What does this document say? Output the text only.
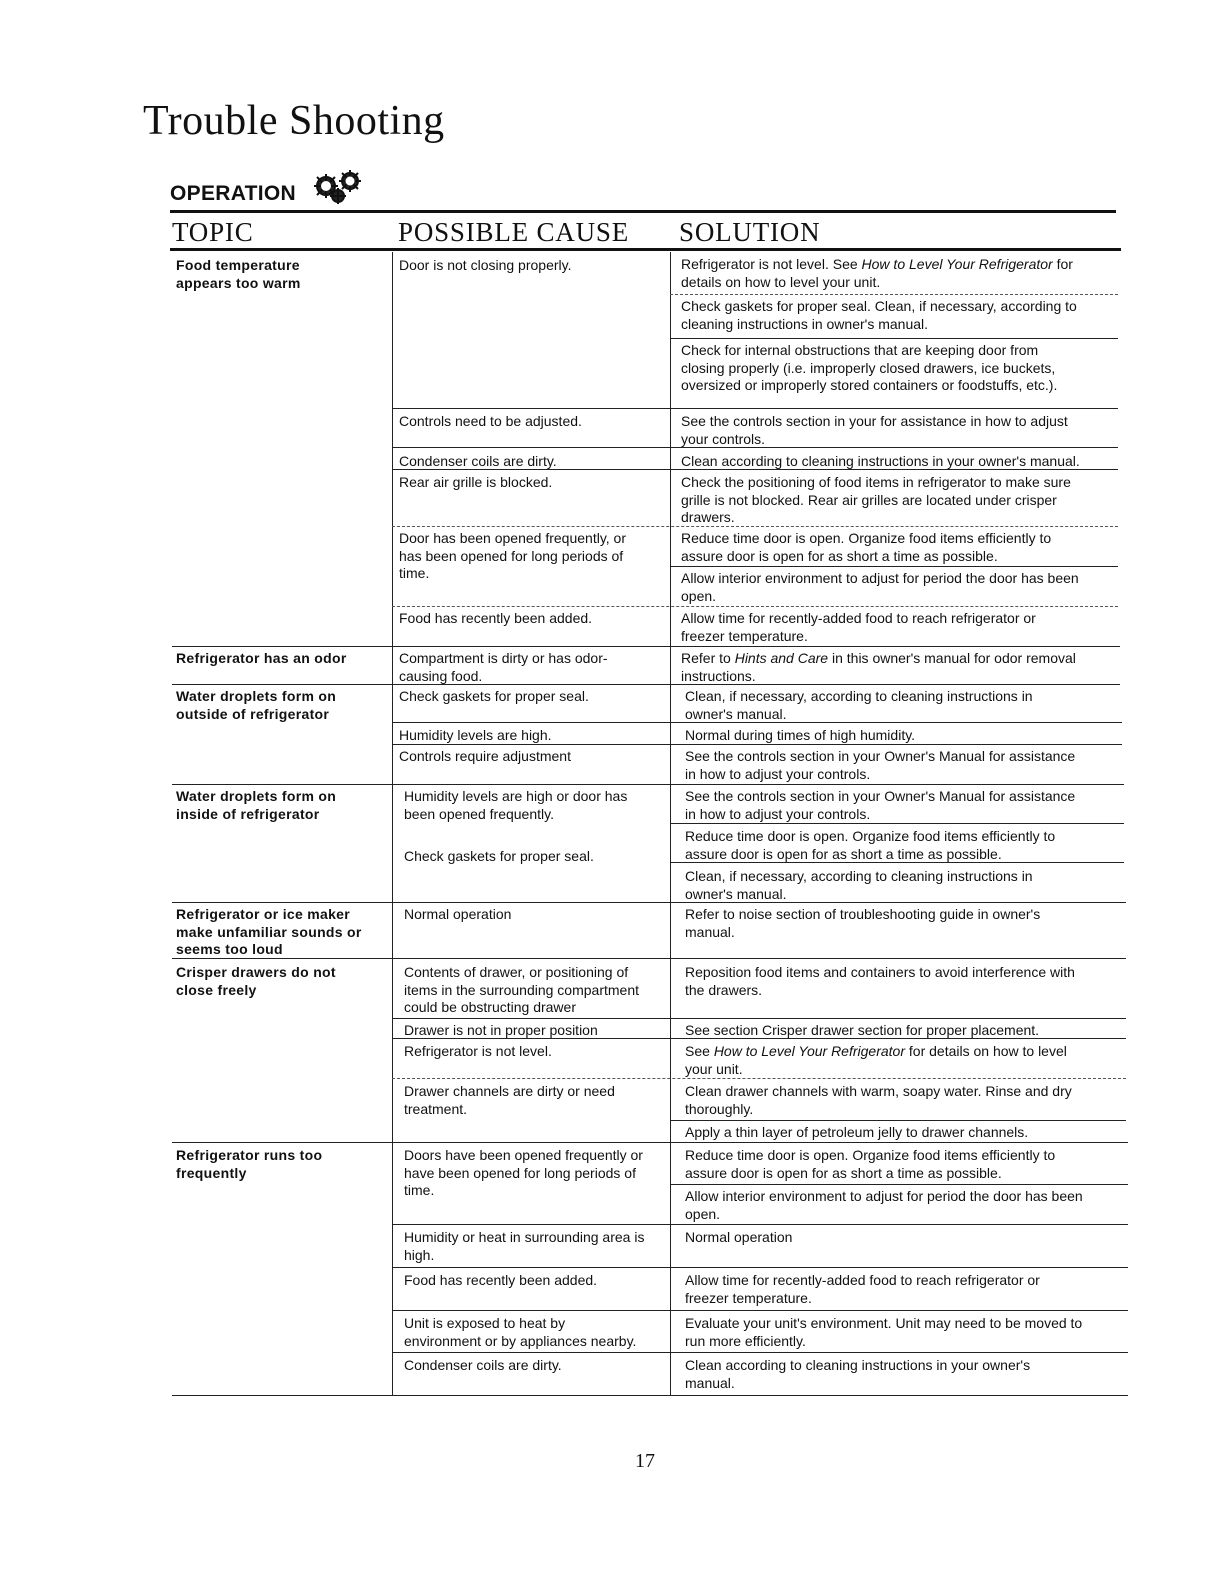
Trouble Shooting
OPERATION
TOPIC	POSSIBLE CAUSE SOLUTION
Food temperature
appears too warm
Refrigerator has an odor
Water droplets form on
outside of refrigerator
Water droplets form on
inside of refrigerator
Refrigerator or ice maker
make unfamiliar sounds or
seems too loud
Crisper drawers do not
close freely
Refrigerator runs too
frequently
Door is not closing properly.
Controls need to be adjusted.
Condenser coils are dirty.
Rear air grille is blocked.
Door has been opened frequently, or
has been opened for long periods of
time.
Food has recently been added.
Compartment is dirty or has odor-
causing food.
Check gaskets for proper seal.
Humidity levels are high.
Controls require adjustment
Humidity levels are high or door has
been opened frequently.
Check gaskets for proper seal.
Normal operation
Contents of drawer, or positioning of
items in the surrounding compartment
could be obstructing drawer
Drawer is not in proper position
Refrigerator is not level.
Drawer channels are dirty or need
treatment.
Doors have been opened frequently or
have been opened for long periods of
time.
Humidity or heat in surrounding area is
high.
Food has recently been added.
Unit is exposed to heat by
environment or by appliances nearby.
Condenser coils are dirty.
Refrigerator is not level. See How to Level Your Refrigerator for
details on how to level your unit.
Check gaskets for proper seal. Clean, if necessary, according to
cleaning instructions in owner's manual.
Check for internal obstructions that are keeping door from
closing properly (i.e. improperly closed drawers, ice buckets,
oversized or improperly stored containers or foodstuffs, etc.).
See the controls section in your for assistance in how to adjust
your controls.
Clean according to cleaning instructions in your owner's manual.
Check the positioning of food items in refrigerator to make sure
grille is not blocked. Rear air grilles are located under crisper
drawers.
Reduce time door is open. Organize food items efficiently to
assure door is open for as short a time as possible.
Allow interior environment to adjust for period the door has been
open.
Allow time for recently-added food to reach refrigerator or
freezer temperature.
Refer to Hints and Care in this owner's manual for odor removal
instructions.
Clean, if necessary, according to cleaning instructions in
owner's manual.
Normal during times of high humidity.
See the controls section in your Owner's Manual for assistance
in how to adjust your controls.
See the controls section in your Owner's Manual for assistance
in how to adjust your controls.
Reduce time door is open. Organize food items efficiently to
assure door is open for as short a time as possible.
Clean, if necessary, according to cleaning instructions in
owner's manual.
Refer to noise section of troubleshooting guide in owner's
manual.
Reposition food items and containers to avoid interference with
the drawers.
See section Crisper drawer section for proper placement.
See How to Level Your Refrigerator for details on how to level
your unit.
Clean drawer channels with warm, soapy water. Rinse and dry
thoroughly.
Apply a thin layer of petroleum jelly to drawer channels.
Reduce time door is open. Organize food items efficiently to
assure door is open for as short a time as possible.
Allow interior environment to adjust for period the door has been
open.
Normal operation
Allow time for recently-added food to reach refrigerator or
freezer temperature.
Evaluate your unit's environment. Unit may need to be moved to
run more efficiently.
Clean according to cleaning instructions in your owner's
manual.
17
